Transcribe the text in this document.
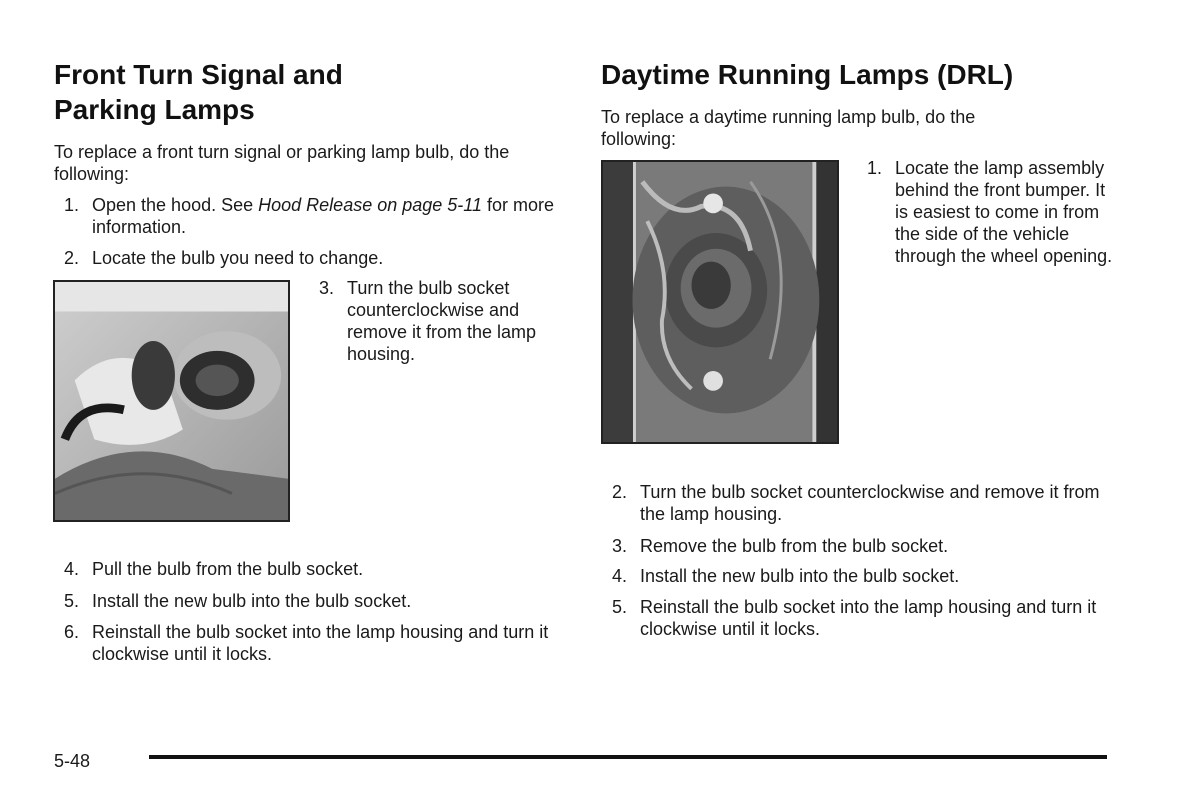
Front Turn Signal and
Parking Lamps

To replace a front turn signal or parking lamp bulb, do the following:

1. Open the hood. See Hood Release on page 5-11 for more information.
2. Locate the bulb you need to change.
3. Turn the bulb socket counterclockwise and remove it from the lamp housing.
4. Pull the bulb from the bulb socket.
5. Install the new bulb into the bulb socket.
6. Reinstall the bulb socket into the lamp housing and turn it clockwise until it locks.
Daytime Running Lamps (DRL)

To replace a daytime running lamp bulb, do the following:

1. Locate the lamp assembly behind the front bumper. It is easiest to come in from the side of the vehicle through the wheel opening.
2. Turn the bulb socket counterclockwise and remove it from the lamp housing.
3. Remove the bulb from the bulb socket.
4. Install the new bulb into the bulb socket.
5. Reinstall the bulb socket into the lamp housing and turn it clockwise until it locks.
5-48
